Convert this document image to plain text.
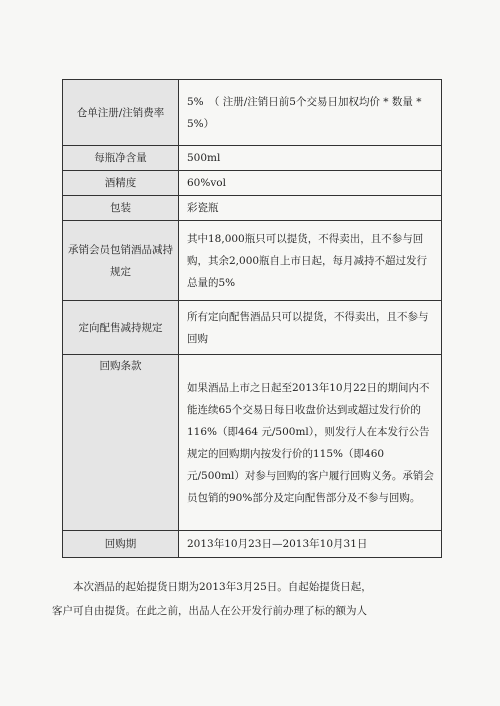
仓单注册/注销费率	5%　（ 注册/注销日前5个交易日加权均价 * 数量 * 5%）
每瓶净含量	500ml
酒精度	60%vol
包装	彩瓷瓶
承销会员包销酒品减持规定	其中18,000瓶只可以提货，不得卖出，且不参与回购，其余2,000瓶自上市日起，每月减持不超过发行总量的5%
定向配售减持规定	所有定向配售酒品只可以提货，不得卖出，且不参与回购
回购条款	如果酒品上市之日起至2013年10月22日的期间内不能连续65个交易日每日收盘价达到或超过发行价的116%（即464 元/500ml），则发行人在本发行公告规定的回购期内按发行价的115%（即460 元/500ml）对参与回购的客户履行回购义务。承销会员包销的90%部分及定向配售部分及不参与回购。
回购期	2013年10月23日—2013年10月31日
本次酒品的起始提货日期为2013年3月25日。自起始提货日起，
客户可自由提货。在此之前，出品人在公开发行前办理了标的额为人
